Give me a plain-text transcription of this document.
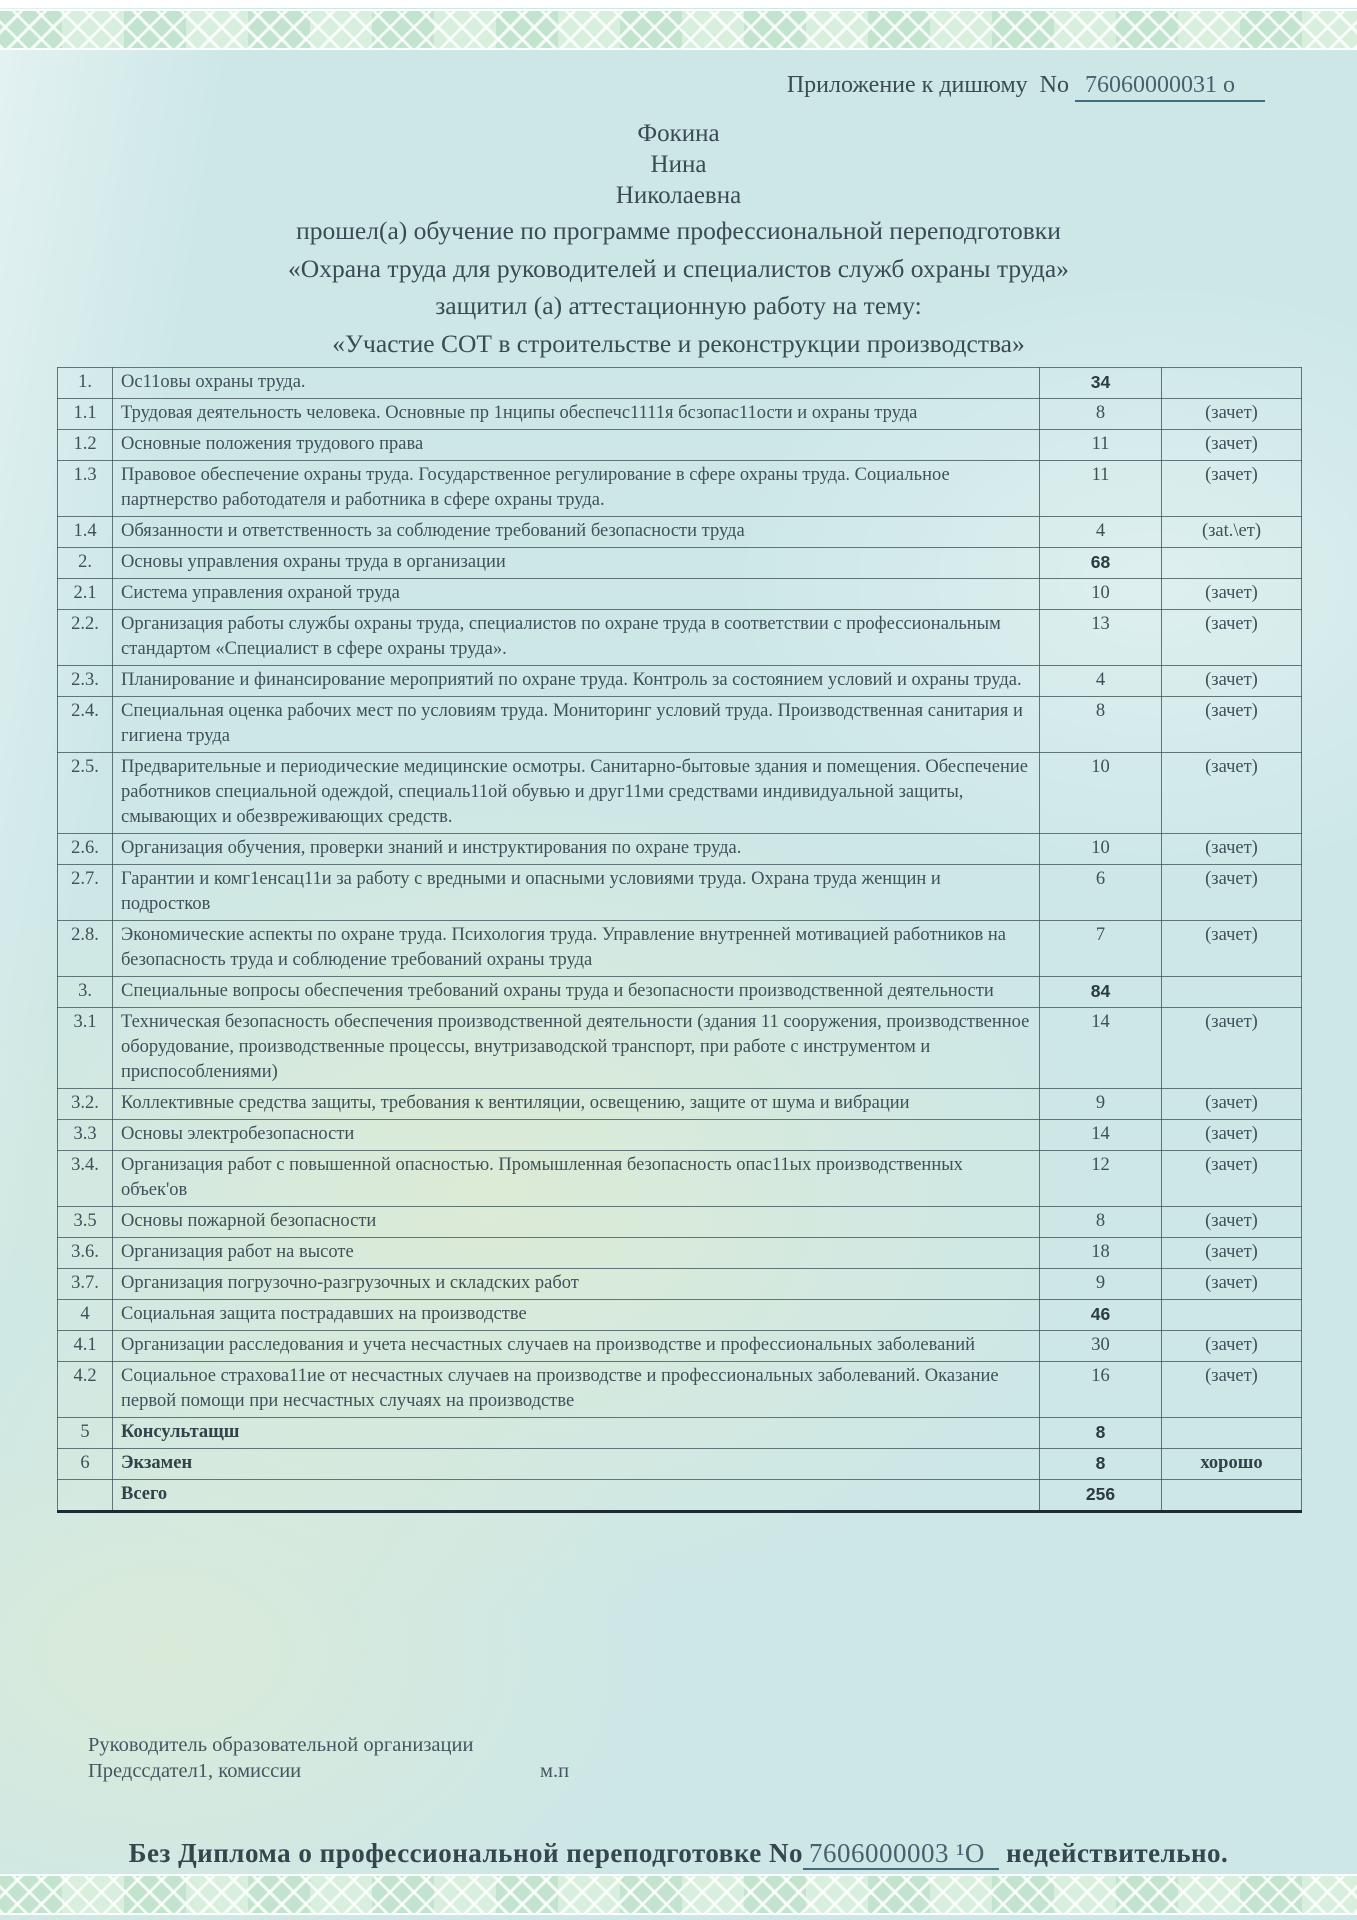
Приложение к дишюму No 76060000031 о
Фокина
Нина
Николаевна
прошел(а) обучение по программе профессиональной переподготовки
«Охрана труда для руководителей и специалистов служб охраны труда»
защитил (а) аттестационную работу на тему:
«Участие СОТ в строительстве и реконструкции производства»
1.	Ос11овы охраны труда.	34	
1.1	Трудовая деятельность человека. Основные пр 1нципы обеспечс1111я бсзопас11ости и охраны труда	8	(зачет)
1.2	Основные положения трудового права	11	(зачет)
1.3	Правовое обеспечение охраны труда. Государственное регулирование в сфере охраны труда. Социальное партнерство работодателя и работника в сфере охраны труда.	11	(зачет)
1.4	Обязанности и ответственность за соблюдение требований безопасности труда	4	(зat.\ет)
2.	Основы управления охраны труда в организации	68	
2.1	Система управления охраной труда	10	(зачет)
2.2.	Организация работы службы охраны труда, специалистов по охране труда в соответствии с профессиональным стандартом «Специалист в сфере охраны труда».	13	(зачет)
2.3.	Планирование и финансирование мероприятий по охране труда. Контроль за состоянием условий и охраны труда.	4	(зачет)
2.4.	Специальная оценка рабочих мест по условиям труда. Мониторинг условий труда. Производственная санитария и гигиена труда	8	(зачет)
2.5.	Предварительные и периодические медицинские осмотры. Санитарно-бытовые здания и помещения. Обеспечение работников специальной одеждой, специаль11ой обувью и друг11ми средствами индивидуальной защиты, смывающих и обезвреживающих средств.	10	(зачет)
2.6.	Организация обучения, проверки знаний и инструктирования по охране труда.	10	(зачет)
2.7.	Гарантии и комг1енсац11и за работу с вредными и опасными условиями труда. Охрана труда женщин и подростков	6	(зачет)
2.8.	Экономические аспекты по охране труда. Психология труда. Управление внутренней мотивацией работников на безопасность труда и соблюдение требований охраны труда	7	(зачет)
3.	Специальные вопросы обеспечения требований охраны труда и безопасности производственной деятельности	84	
3.1	Техническая безопасность обеспечения производственной деятельности (здания 11 сооружения, производственное оборудование, производственные процессы, внутризаводской транспорт, при работе с инструментом и приспособлениями)	14	(зачет)
3.2.	Коллективные средства защиты, требования к вентиляции, освещению, защите от шума и вибрации	9	(зачет)
3.3	Основы электробезопасности	14	(зачет)
3.4.	Организация работ с повышенной опасностью. Промышленная безопасность опас11ых производственных объек'ов	12	(зачет)
3.5	Основы пожарной безопасности	8	(зачет)
3.6.	Организация работ на высоте	18	(зачет)
3.7.	Организация погрузочно-разгрузочных и складских работ	9	(зачет)
4	Социальная защита пострадавших на производстве	46	
4.1	Организации расследования и учета несчастных случаев на производстве и профессиональных заболеваний	30	(зачет)
4.2	Социальное страхова11ие от несчастных случаев на производстве и профессиональных заболеваний. Оказание первой помощи при несчастных случаях на производстве	16	(зачет)
5	Консультащш	8	
6	Экзамен	8	хорошо
	Всего	256	
Руководитель образовательной организации
Предссдател1, комиссии	м.п
Без Диплома о профессиональной переподготовке No 7606000003 ¹О недействительно.
